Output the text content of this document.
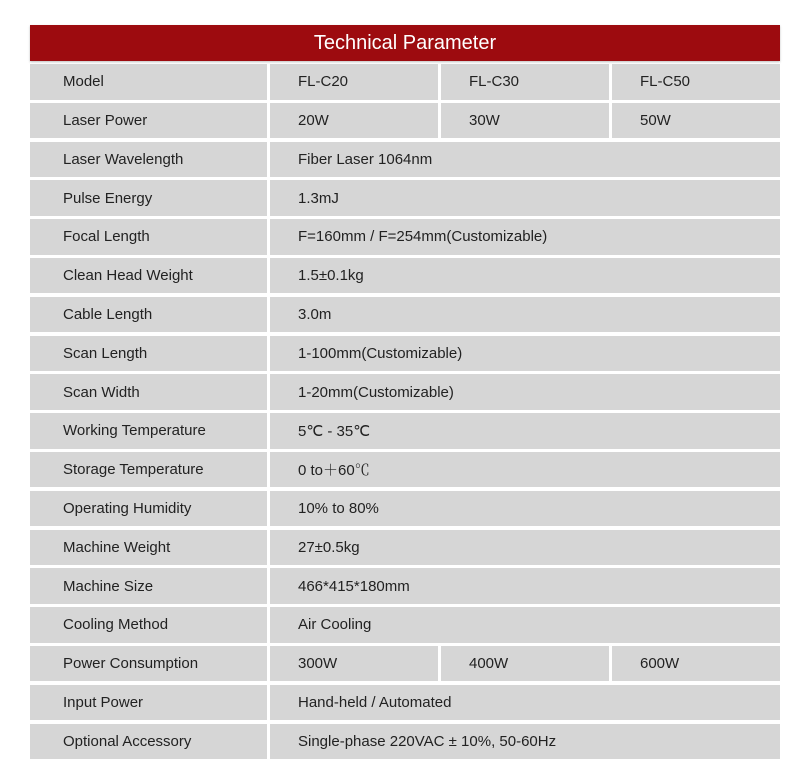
Technical Parameter
Model	FL-C20	FL-C30	FL-C50
Laser Power	20W	30W	50W
Laser Wavelength	Fiber Laser 1064nm
Pulse Energy	1.3mJ
Focal Length	F=160mm / F=254mm(Customizable)
Clean Head Weight	1.5±0.1kg
Cable Length	3.0m
Scan Length	1-100mm(Customizable)
Scan Width	1-20mm(Customizable)
Working Temperature	5℃ - 35℃
Storage Temperature	0 to＋60℃
Operating Humidity	10% to 80%
Machine Weight	27±0.5kg
Machine Size	466*415*180mm
Cooling Method	Air Cooling
Power Consumption	300W	400W	600W
Input Power	Hand-held / Automated
Optional Accessory	Single-phase 220VAC ± 10%, 50-60Hz
